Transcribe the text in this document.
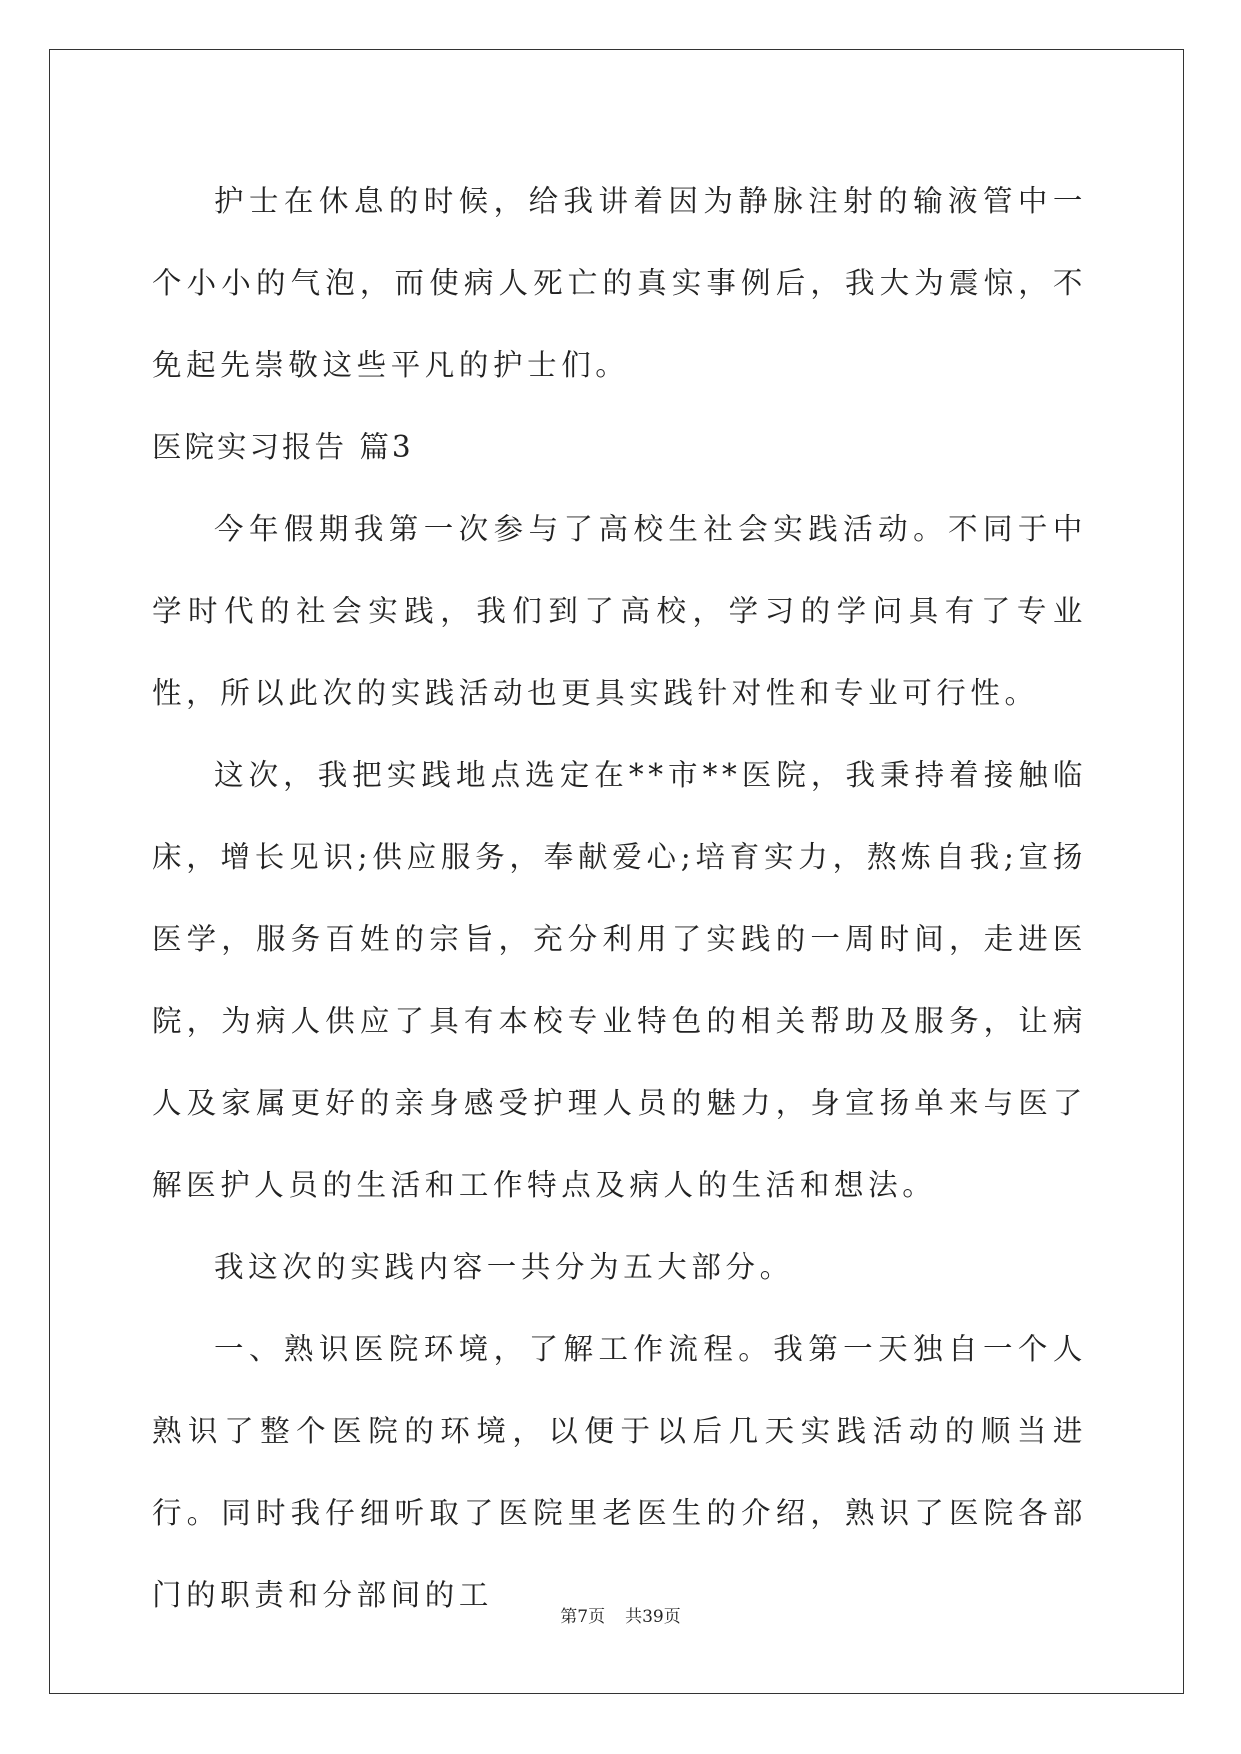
护士在休息的时候，给我讲着因为静脉注射的输液管中一个小小的气泡，而使病人死亡的真实事例后，我大为震惊，不免起先崇敬这些平凡的护士们。

医院实习报告 篇3

今年假期我第一次参与了高校生社会实践活动。不同于中学时代的社会实践，我们到了高校，学习的学问具有了专业性，所以此次的实践活动也更具实践针对性和专业可行性。

这次，我把实践地点选定在**市**医院，我秉持着接触临床，增长见识;供应服务，奉献爱心;培育实力，熬炼自我;宣扬医学，服务百姓的宗旨，充分利用了实践的一周时间，走进医院，为病人供应了具有本校专业特色的相关帮助及服务，让病人及家属更好的亲身感受护理人员的魅力，身宣扬单来与医了解医护人员的生活和工作特点及病人的生活和想法。

我这次的实践内容一共分为五大部分。

一、熟识医院环境，了解工作流程。我第一天独自一个人熟识了整个医院的环境，以便于以后几天实践活动的顺当进行。同时我仔细听取了医院里老医生的介绍，熟识了医院各部门的职责和分部间的工

第7页 共39页
